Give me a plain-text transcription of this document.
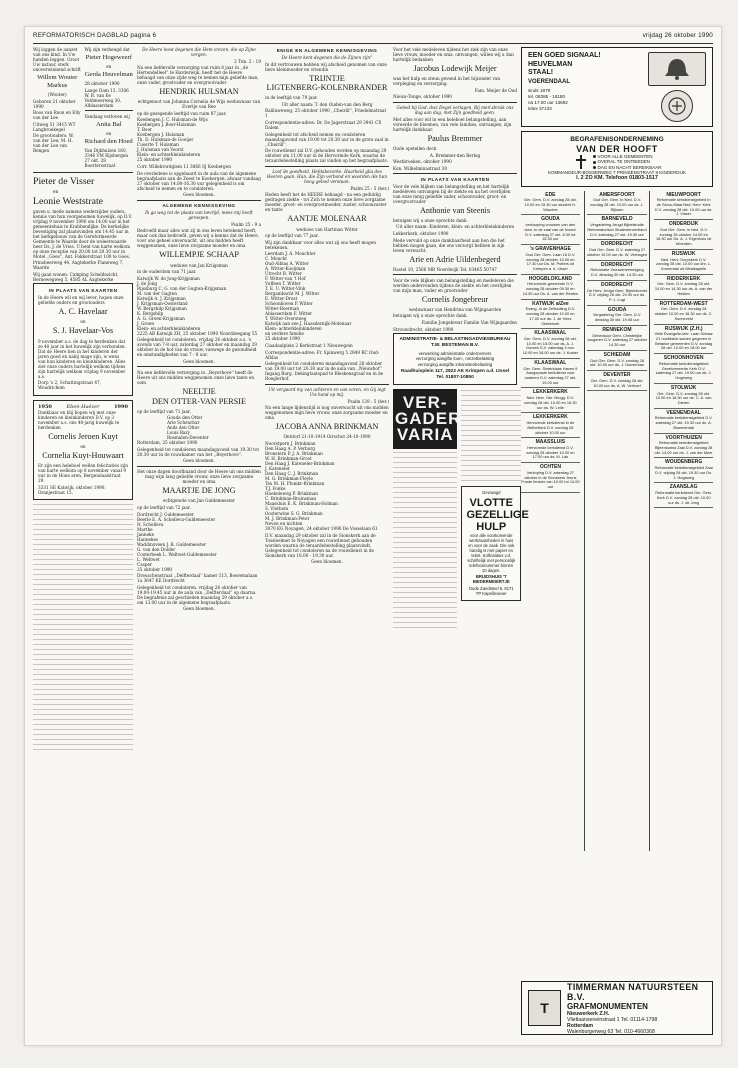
REFORMATORISCH DAGBLAD pagina 6	vrijdag 26 oktober 1990

Wij loggen de aanzet van ons kind. In Uw handen leggen. Groot Uw natuur, sterk onoverwinnend schrift

Willem Wouter Markus

(Wouter)

Geboren 21 oktober 1990

Roos van Roon en Elly van der Lee

Uitweg 51 3415 WT Langbroekegel

De grootouders: W. van der Lee; M. H. van der Lee van Bengen

Wij zijn verheugd dat

Pieter Hogeweerf

en

Gerda Heuvelman

28 oktober 1990

Lange Dam 13, 3306 W. B. van Ee Veldmeerweg 30, Alblasserdam

Vandaag verloven wij

Anita Bal

en

Richard den Hoed

Van Dijkhuizen 160, 3346 VM Rijsbergen 27 okt. 28 Boertersstraat

Pieter de Visser

en

Leonie Weststrate

gaven u, mede namens wederzijdse ouders, kennis van hun voorgenomen huwelijk, op D.V. vrijdag 9 november 1990 om 14.00 uur in het gemeentehuis te Krabbendijke. De kerkelijke bevestiging zal plaatsvinden om 14.45 uur in het kerkgebouw van de Gereformeerde Gemeente te Waarde door de weleerwaarde heer Ds. J. de Vries. U bent van harte welkom op onze receptie van 20.00 tot 20.30 uur in Motel ,,Goes'', Ant. Fokkerstraat 100 te Goes.

Prinsheerweg 44, Aagtekerke Flaneweg 7, Waarde

Wij gaan wonen: Camping Scheldezicht, Bernewegweg 5, 4585 AL Aagtekerke

IN PLAATS VAN KAARTEN

In de Heere wil en wij lever, hopen onze geliefde ouders en grootouders

A. C. Havelaar

en

S. J. Havelaar-Vos

9 november a.s. de dag te herdenken dat ze 40 jaar in het huwelijk zijn verbonden. Dat de Heere hen in het kinderen der jaren goed en nabij mage zijn, is wens van hun kinderen en kleinkinderen. Alles ziet onze ouders hartelijk welkom tijdens zijn hartelijk welkom vrijdag 9 november a.s.

Dorp 's 2, Schuttingstraat 47, Woudrichem

1950	Eben-Haëzer	1990

Dankbaar en blij hopen wij met onze kinderen en kleinkinderen D.V. op 3 november a.s. ons 40-jarig huwelijk te herdenken

Cornelis Jeroen Kuyt

en

Cornelia Kuyt-Houwaart

Er zijn een heleboel wellen felicitaties zijn van harte welkom op 8 november vanaf 9 uur in de Hone aren, Bergendaalstraat 29.

3331 SE Katwijk, oktober 1990. Oranjestraat 15.

De Heere leest degenen die Hem vrezen, die op Zijne vergen.

2 Tim. 2 : 19

Na een liefdevolle verzorging van ruim 8 jaar in ,,de Hertendelleel'' te Harderwijk, heeft het de Heere behaagd van onze zijde weg te nemen mijn geliefde man, onze vader, grootvader en overgrootvader

HENDRIK HULSMAN

echtgenoot van Johanna Cornelia de Wijs weduwnaar van Evertje van Ree

op de gezegende leeftijd van ruim 87 jaar.

Koedengen J. C. Hulsman-de Wijs
Koebergen J. Boer-Hulsman
T. Boer
Koebergen J. Hulsman
Th. D. Hulsman-de Gooijer
Cuserte T. Hulsman
J. Hulsman van Voorst
Klein- en achterkleinkinderen

25 oktober 1990

Corr. Willebrordglem 11 3866 SJ Koebergen

De overledene is opgebaard in de aula van de algemene begraafplaats aan de Zeest te Koebergen, alwaar vandaag 27 oktober van 14.00-16.30 uur gelegenheid is om afscheid te nemen en te condoleren.

Geen bloemen.

ALGEMENE KENNISGEVING

Ik ga weg tot de plaats van bevrijd; mees mij heeft geroepen.

Psalm 25 : 9 a

Bedroefd maar alles wat zij in ons leven betekend heeft, maar ook dan bedroefd, geven wij u kennis dat de Heere, voor ons geheel onverwacht, uit ons midden heeft weggenomen, onze lieve zorgzame moeder en oma

WILLEMPJE SCHAAP

weduwe van Jan Kriigsman

in de ouderdom van 71 jaar.

Katwijk W. de Jong-Krijgsman
J. de Jong
Rijssburg C. G. van der Gugten-Krijgsman
M. van der Gugten
Katwijk A. J. Krijgsman
J. Krijgsman-Oosterland
W. Bergshilp Krijgsman
K. Bergshilp
A. G. Groen-Krijgsman
J. Groen
Klein- en achterkleinkinderen

2225 AB Katwijk ZH, 25 oktober 1990 Noordzeegang 55

Gelegenheid tot condoleren, vrijdag 26 oktober a.s. 's avonds van 7-8 uur, zaterdag 27 oktober en maandag 29 oktober in de hof van de vrouw, vanwege de gezondheid en omstandigheden van 7 - 8 uur.

Geen bloemen.

Na een liefdevolle verzorging in ,,Beyerhove'' heeft de Heere uit ons midden weggenomen onze lieve tante en oom

NEELTJE

DEN OTTER-VAN PERSIE

op de leeftijd van 71 jaar.

Gouda den Otter
Arie Scheurbar
Ands den Otter
Louis Bazy
Rosmalen-Deventer

Rotterdam, 25 oktober 1990

Gelegenheid tot condoleren maandagavond van 19.30 tot 20.30 uur in de rouwkamer van het ,,Beyerhove''.

Geen bloemen.

Het onze dagen doorlbaand door de Heere uit ons midden mag wijn lang geliefde vrouw, onze lieve zorgzame moeder en oma

MAARTJE DE JONG

echtgenote van Jan Guldemeester

op de leeftijd van 72 jaar.

Dordrecht J. Guldemeester
Beerle E. A. Schelleva-Guldemeester
N. Schelleva
Marthe
Janneke
Hannekes
Waddinxveen J. B. Guldemeester
G. van den Dolder
Cooterbeek L. Weltwet-Guldemeester
L. Weltwet
Casper

25 oktober 1990

Dreuschenstraat ,,Delfterdaal'' kamer 113, Boeremalaan 1a 3647 KE Dordrecht

Gelegenheid tot condoleren, vrijdag 26 oktober van 19.00-19.45 uur in de aula van ,,Delfterdaal'' op daarna. De begrafenis zal geschieden maandag 29 oktober a.s. om 13.00 uur in de algemene begraafplaats.

Geen bloemen.

ENIGE EN ALGEMENE KENNISGEVING

De Heere kent degenen die de Zijnen zijn''

In dit vertrouwen hebben wij afscheid genomen van onze lieve kleinmoeder en vriendin

TRIJNTJE

LIGTENBERG-KOLENBRANDER

in de leeftijd van 79 jaar.

Uit aller naam: T. den Ouden-van den Berg

Baliluweweg, 25 oktober 1990 ,,Cheirill'', Friedelmstraat 1

Correspondentie-adres: Dr. De Jagerstraat 29 3941 CX Dalem

Gelegenheid tot afscheid nemen en condoleren maandagavond van 19.00 tot 20.30 uur in de grote zaal in ,,Cheirill''.

De rouwdienst zal D.V. gehouden worden op maandag 29 oktober om 11.00 uur in de Hervormde Kerk, waarna de teraardebestelling plaats zal vinden op het begraafplaats.

Loof de goedheid, Hefdabezorke. Haarheid glia des Heeren gaan, Hun, die Zijn verbond en woorden Als hun hoog gebod verstaan.

Psalm 25 : 5 (ber.)

Heden heeft het de HEERE behaagd - na een geduldig gedragen ziekte - tot Zich te nemen onze lieve zorgzame moeder, groot- en overgrootmoeder, zuster, schoonzuster en tante

AANTJE MOLENAAR

weduwe van Hartman Witter

op de leeftijd van 77 jaar.

Wij zijn dankbaar voor alles wat zij ons heeft mogen betekenen.

Leerdam J. A. Mouchter
C. Moncht
Oud-Alblas A. Witter
A. Witter-Kooijman
Utrecht B. Witter
F. Witter-van 't Hof
Vuffeen T. Witter
T. E. U. Witter-Vink
Bergambacht M. J. Witter
E. Witter-Drost
Schoonhoven P. Witter
Witter-Boerman
Ablasserdam F. Witter
T. Witter-Oversteeg
Katwijk aan zee J. Haasdernijk-Molenaar
Klein- achterkleinkinderen
en verdere familie

25 oktober 1990

Ciaadaalplein 2 Kerkstraat 1 Nieuwegein

Correspondentie-adres: Fr. Spinwerg 5 2849 RC Oud-Alblas

Gelegenheid tot condoleren maandagavond 28 oktober van 19.00 uur tot 20.30 uur in de aula van ,,Nieuwhof'' Ingang Burg. Dekingtaatspad te Bleskensgraaf en in de Boeglerhof.

Uit vergaard my van achteren en van voren, en Gij legt Uw hand op mij.

Psalm 139 : 5 (ber.)

Na een lange lijdenstijd is nog onverwacht uit ons midden weggenomen mijn lieve vrouw, onze zorgzame moeder en oma

JACOBA ANNA BRINKMAN

Ontdorf 21-10-1914 Oirschot 24-10-1990

Noorstpern J. Brinkman
Den Haag A. P. Verburg
Bronstern P. J. A. Brinkman
W. H. Brinkman-Groot
Den Haag J. Kateneler-Brinkman
J. Kateneler
Den Haag C. J. Brinkman
M. G. Brinkman-Fleyle
Tex M. H. Plomkr-Brinkman
T.J. Fonke
Hoekeleweg P. Brinkman
C. Brinkman-Bruinsman
Maassluis E. K. Brinkman-Holman
S. Vlothom
Oosterwine S. G. Brinkman
M. J. Brinkman-Peter
Neven en nichten

3070 KG Noyagen, 24 oktober 1990 De Vosselaan 61

D.V. maandag 29 oktober zal in de Sionskerk aan de Tossleelmet te Noyagen een rouwdienst gehouden worden waarna de teraardebestelling plaatsvindt. Gelegenheid tot condoleren na de rouwdienst in de Sionskerk van 18.00 - 19.30 uur.

Geen bloemen.

Voor het vele medeleven tijdens het ziek zijn van onze lieve vrouw, moeder en oma, ontvangen, willen wij u dan hartelijk bedanken

Jacobus Lodewijk Meijer

was het hulp en steun gevend in het bijzonder van verpleging en verzorging.

Fam. Meijer de Oud

Nieuw-Tonge, oktober 1990

Gebed bij God, dwz Degel verlagen, Bij men'sbruik ons dag aan dag, met Zijn goedheid geen.

Met alles voor wil in een heleboel belangstelling, aan vereerde de bloemen, van vele families, ontvangen, zijn hartelijk dankbaar.

Paulus Bremmer

Oude opstellen deck

A. Bremmer-den Berleg

Westbroeken, oktober 1990

Kon. Wilhelminastraat 30

IN PLAATS VAN KAARTEN

Voor de vele blijken van belangstelling en het hartelijk medeleven ontvangen bij de ziekte en na het overlijden van onze innig geliefde vader, schoonvader, groot- en overgrootvader

Anthonie van Steenis

betuigen wij u onze oprechte dank.

Uit aller naam: Kinderen, klein- en achterkleinkinderen

Lekkerkerk, oktober 1990

Mede vervuld op onze dankbaarheid aan hen die het hebben mogen gaan, die ons verzorgt hebben in zijn leven verwacht.

Arie en Adrie Uildenbegerd

Rastel 10, 2566 MB Noordwijk Tel. 03465 50747

Voor de vele blijken van belangstelling en medeleven die werden ondervonden tijdens de ziekte en het overlijden van mijn man, vader en grootvader

Cornelis Jongebreur

weduwnaar van Hendrina van Wijngaarden

betuigen wij u onze oprechte dank.

Familie Jongebreur Familie Van Wijngaarden

Strouwdrecht, oktober 1990

ADMINISTRATIE- & BELASTINGADVIESBUREAU

T.W. BESTEMAN B.V.

verwerking administratie ondernemers

verzorging aangifte loon-, omzetbelasting

verzorging aangifte inkomstenbelasting

Raadhuisplein 117, 2922 AK Krimpen a.d. IJssel

Tel. 01807-10850

VER-
GADER
VARIA

Gevraagd

VLOTTE
GEZELLIGE
HULP

voor alle voorkomende werkzaamheden in huis en voor de zaak. Die ook handig is met papier en tekst. Sollicitaties v.d. schriftelijk met persoonlijk telefoonnummer binnen 10 dagen.

BRUIDSHUIS 'T BIEDERMEIERTJE

Oude Zandsteel 6, 8171 TP Kapelleoever

EEN GOED SIGNAAL!
HEUVELMAN
STAAL!
VOERENDAAL
sinds 1879
tel. 08385 - 18180
na 17.00 uur 13692
telex 37133
BEGRAFENISONDERNEMING
VAN DER HOOFT
VOOR ALLE GEMEENTEN
OVERAL TE ONTBIEDEN
DAG EN NACHT BEREIKBAAR
KOMMANDEUR-BOSSERWEG 7 PRINSENSTRAAT 8 KINDERDIJK
I. 2 ZO KM. Telefoon 01803-1517
EDE
Ger. Gem. D.V. zondag 28 okt. 10.00 en 15.30 uur student H. Visscher
GOUDA
verkooping vrouwen van den dom. In de zaal van de Noord. D.V. zaterdag 27 okt. 8.30 tot 15.30 uur
's GRAVENHAGE
Oud Ger. Gem. Laan 16 D.V. zondag 28 oktober 10.00 en 17.30 uur Ds. M. Putters uit Krimpen a. d. IJssel
HOOGBLOKLAND
Hervormde-gemeente D.V. zondag 28 oktober 09.30 en 14.30 uur Ds. A. van der Reiden
KATWIJK a/Zee
Evang. In de Zeilsluiting D.V. zondag 28 oktober 10.00 en 17.00 uur ds. J. de Vries Oldebroek
KLAASWAAL
Ger. Gem. D.V. zondag 28 okt. 10.00 en 15.00 uur ds. A. J. Gorseb D.V. zaterdag 3 nov. 10.00 en 18.00 uur ds. J. Koster
KLAASWAAL
Ger. Gem. Sinterklaas Haven 9 Aangepaste kerkdienst voor ouderen D.V. zaterdag 27 okt. 19.00 uur
LEKKERKERK
Ned. Herv. Ger. Brugg. D.V. zondag 28 okt. 10.00 en 16.30 uur ds. W. Lelie
LEKKERKERK
Hervormde kerkdienst In de Bethelkerk D.V. zondag 28 oktober 10.00 uur
MAASSLUIS
Hervormde kerkdienst D.V. zondag 28 oktober 10.00 en 17.00 uur ds. M. Lak
OCHTEN
Verkoping D.V. zaterdag 27 oktober in de Sionskerk Jeuns Fruste fenster van 10.00 tot 14.00 uur
AMERSFOORT
Oud Ger. Gem. in Ned. D.V. zondag 28 okt. 10.00 uur ds. L. Rijksen
BARNEVELD
Vergadering Jeugd Bijbelstudie Reformatorisch Studentenverband D.V. zaterdag 27 okt. 19.30 uur
DORDRECHT
Oud Ger. Gem. D.V. zaterdag 27 oktober 10.00 uur ds. W. Verhagen
DORDRECHT
Reformatie Vrouwenvereniging D.V. dinsdag 30 okt. 14.30 uur
DORDRECHT
De Herv. Jeugd Gem. Bijeenkomst D.V. vrijdag 26 okt. 20.00 uur ds. P. J. Lugt
GOUDA
Vergadering Ger. Gem. D.V. dinsdag 30 okt. 19.45 uur
RENNEKOM
Gebedsuur Gem. Christelijke Jongeren D.V. zaterdag 27 oktober 14.30 uur
SCHIEDAM
Oud Ger. Gem. D.V. zondag 28 okt. 10.00 uur ds. J. Duiverman
DEVENTER
Ger. Gem. D.V. zondag 28 okt. 10.00 uur ds. A. W. Verhoef
NIEUWPOORT
Reformatie kerkdienstgebied In de Sions-Staat Ned. Herv. Kerk D.V. zondag 28 okt. 10.00 uur ds. J. Visser
ONDERDIJK
Oud Ger. Gem. in Ned. D.V. zondag 28 oktober 14.00 en 18.30 uur Ds. A. J. Eigenhuis uit Woerden
RIJSWIJK
Ned. Herv. Dorpskerk D.V. zondag 28 okt. 10.00 uur dhr. L. Kronendal uit Westkapelle
RIDDERKERK
Ger. Gem. D.V. zondag 28 okt. 10.00 en 14.30 uur ds. A. van der Heiden
ROTTERDAM-WEST
Ger. Gem. D.V. zondag 28 oktober 10.00 en 16.30 uur ds. C. Sonneveld
RIJSWIJK (Z.H.)
Velle Evangelie-leer. Laan Schaar 21 hoofdstuk samen gegeven in Betanke gemeenten D.V. zondag 28 okt. 10.00 en 18.00 uur
SCHOONHOVEN
Reformatie kerkdienstgebied Gereformeerde Kerk D.V. zaterdag 27 okt. 19.00 uur ds. J. Hogeweg
STOLWIJK
Ger. Gem. D.V. zondag 28 okt. 10.00 en 18.30 uur ds. C. A. van Dieren
VEENENDAAL
Reformatie kerkdienstgebied D.V. zaterdag 27 okt. 19.30 uur ds. A. Bloemendal
VOORTHUIZEN
Reformatie kerkdienstgebied Bijeenkomst Zaal D.V. zondag 28 okt. 14.00 uur ds. J. van der Meer
WOUDENBERG
Reformatie kerkdienstgebied Zaal D.V. vrijdag 26 okt. 19.30 uur Ds. J. Hogeweg
ZAANSLAG
Reformatie kerkdienst Ger. Gem. Kerk D.V. zondag 28 okt. 10.00 uur ds. J. de Jong
T
TIMMERMAN NATUURSTEEN B.V.
GRAFMONUMENTEN
Nieuwerkerk Z.H.
Vlietlaanseneinstraat 1 Tel. 01114-1798
Rotterdam
Walenburgerweg 63 Tel. 010-4660368
